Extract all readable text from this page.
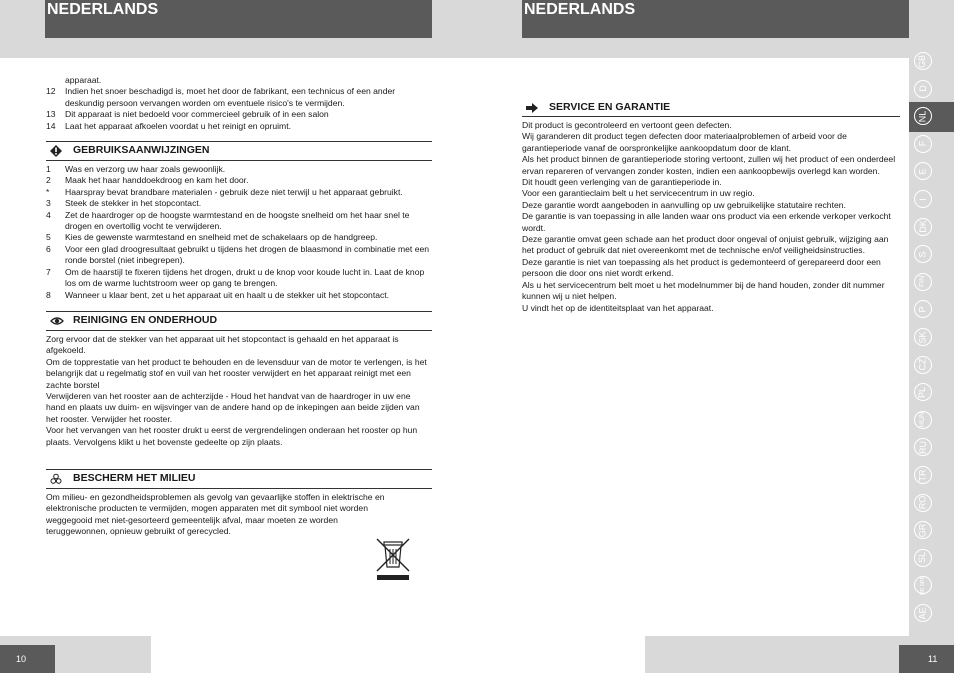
NEDERLANDS	NEDERLANDS
apparaat.
12	Indien het snoer beschadigd is, moet het door de fabrikant, een technicus of een ander deskundig persoon vervangen worden om eventuele risico's te vermijden.
13	Dit apparaat is niet bedoeld voor commercieel gebruik of in een salon
14	Laat het apparaat afkoelen voordat u het reinigt en opruimt.
GEBRUIKSAANWIJZINGEN
1	Was en verzorg uw haar zoals gewoonlijk.
2	Maak het haar handdoekdroog en kam het door.
*	Haarspray bevat brandbare materialen - gebruik deze niet terwijl u het apparaat gebruikt.
3	Steek de stekker in het stopcontact.
4	Zet de haardroger op de hoogste warmtestand en de hoogste snelheid om het haar snel te drogen en overtollig vocht te verwijderen.
5	Kies de gewenste warmtestand en snelheid met de schakelaars op de handgreep.
6	Voor een glad droogresultaat gebruikt u tijdens het drogen de blaasmond in combinatie met een ronde borstel (niet inbegrepen).
7	Om de haarstijl te fixeren tijdens het drogen, drukt u de knop voor koude lucht in. Laat de knop los om de warme luchtstroom weer op gang te brengen.
8	Wanneer u klaar bent, zet u het apparaat uit en haalt u de stekker uit het stopcontact.
REINIGING EN ONDERHOUD
Zorg ervoor dat de stekker van het apparaat uit het stopcontact is gehaald en het apparaat is afgekoeld.
Om de topprestatie van het product te behouden en de levensduur van de motor te verlengen, is het belangrijk dat u regelmatig stof en vuil van het rooster verwijdert en het apparaat reinigt met een zachte borstel
Verwijderen van het rooster aan de achterzijde - Houd het handvat van de haardroger in uw ene hand en plaats uw duim- en wijsvinger van de andere hand op de inkepingen aan beide zijden van het rooster. Verwijder het rooster.
Voor het vervangen van het rooster drukt u eerst de vergrendelingen onderaan het rooster op hun plaats. Vervolgens klikt u het bovenste gedeelte op zijn plaats.
BESCHERM HET MILIEU
Om milieu- en gezondheidsproblemen als gevolg van gevaarlijke stoffen in elektrische en elektronische producten te vermijden, mogen apparaten met dit symbool niet worden weggegooid met niet-gesorteerd gemeentelijk afval, maar moeten ze worden teruggewonnen, opnieuw gebruikt of gerecycled.
SERVICE EN GARANTIE
Dit product is gecontroleerd en vertoont geen defecten.
Wij garanderen dit product tegen defecten door materiaalproblemen of arbeid voor de garantieperiode vanaf de oorspronkelijke aankoopdatum door de klant.
Als het product binnen de garantieperiode storing vertoont, zullen wij het product of een onderdeel ervan repareren of vervangen zonder kosten, indien een aankoopbewijs overlegd kan worden.
Dit houdt geen verlenging van de garantieperiode in.
Voor een garantieclaim belt u het servicecentrum in uw regio.
Deze garantie wordt aangeboden in aanvulling op uw gebruikelijke statutaire rechten.
De garantie is van toepassing in alle landen waar ons product via een erkende verkoper verkocht wordt.
Deze garantie omvat geen schade aan het product door ongeval of onjuist gebruik, wijziging aan het product of gebruik dat niet overeenkomt met de technische en/of veiligheidsinstructies.
Deze garantie is niet van toepassing als het product is gedemonteerd of gerepareerd door een persoon die door ons niet wordt erkend.
Als u het servicecentrum belt moet u het modelnummer bij de hand houden, zonder dit nummer kunnen wij u niet helpen.
U vindt het op de identiteitsplaat van het apparaat.
GB
D
NL
F
E
I
DK
S
FIN
P
SK
CZ
PL
HUN
RU
TR
RO
GR
SL
HR SRB
AE
10	11
